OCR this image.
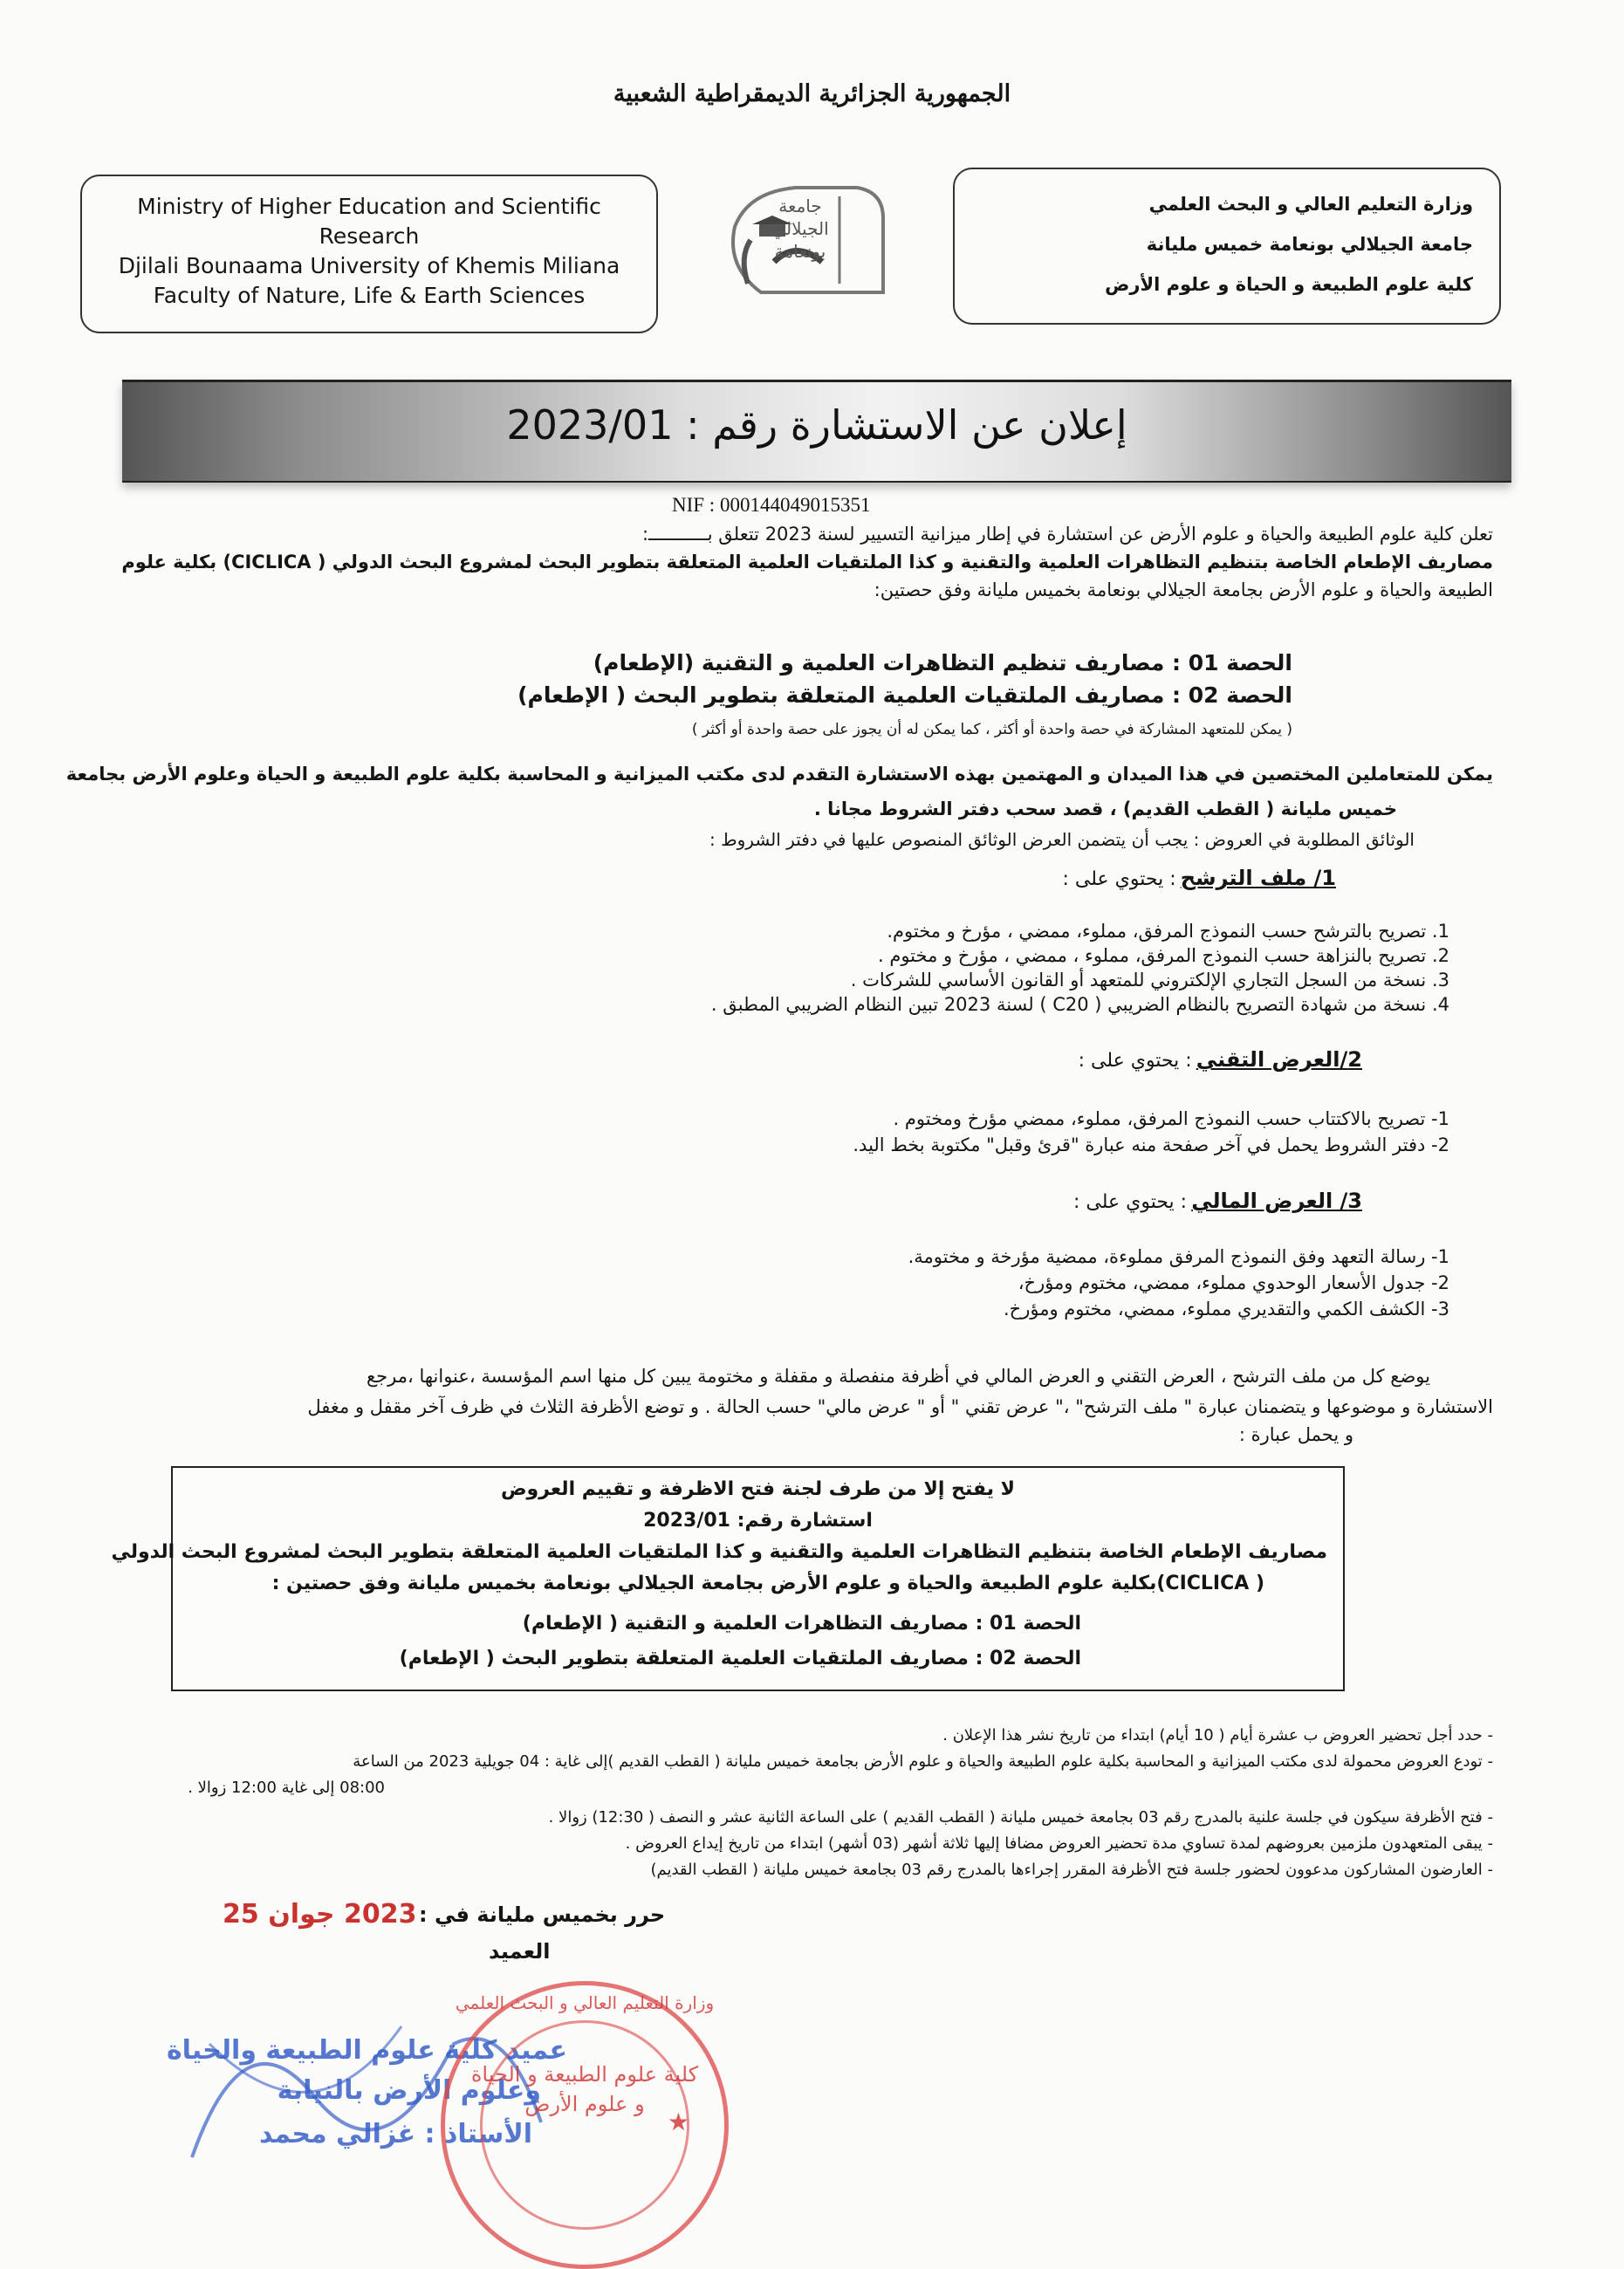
الجمهورية الجزائرية الديمقراطية الشعبية
Ministry of Higher Education and Scientific
Research
Djilali Bounaama University of Khemis Miliana
Faculty of Nature, Life & Earth Sciences
جامعة الجيلالي بونعامة
وزارة التعليم العالي و البحث العلمي
جامعة الجيلالي بونعامة خميس مليانة
كلية علوم الطبيعة و الحياة و علوم الأرض
إعلان عن الاستشارة رقم : 2023/01
NIF : 000144049015351
تعلن كلية علوم الطبيعة والحياة و علوم الأرض عن استشارة في إطار ميزانية التسيير لسنة 2023 تتعلق بـــــــــــ:
مصاريف الإطعام الخاصة بتنظيم التظاهرات العلمية والتقنية و كذا الملتقيات العلمية المتعلقة بتطوير البحث لمشروع البحث الدولي ( CICLICA) بكلية علوم
الطبيعة والحياة و علوم الأرض بجامعة الجيلالي بونعامة بخميس مليانة وفق حصتين:
الحصة 01 : مصاريف تنظيم التظاهرات العلمية و التقنية (الإطعام)
الحصة 02 : مصاريف الملتقيات العلمية المتعلقة بتطوير البحث ( الإطعام)
( يمكن للمتعهد المشاركة في حصة واحدة أو أكثر ، كما يمكن له أن يجوز على حصة واحدة أو أكثر )
يمكن للمتعاملين المختصين في هذا الميدان و المهتمين بهذه الاستشارة التقدم لدى مكتب الميزانية و المحاسبة بكلية علوم الطبيعة و الحياة وعلوم الأرض بجامعة
خميس مليانة ( القطب القديم) ، قصد سحب دفتر الشروط مجانا .
الوثائق المطلوبة في العروض : يجب أن يتضمن العرض الوثائق المنصوص عليها في دفتر الشروط :
1/ ملف الترشح : يحتوي على :
1. تصريح بالترشح حسب النموذج المرفق، مملوء، ممضي ، مؤرخ و مختوم.
2. تصريح بالنزاهة حسب النموذج المرفق، مملوء ، ممضي ، مؤرخ و مختوم .
3. نسخة من السجل التجاري الإلكتروني للمتعهد أو القانون الأساسي للشركات .
4. نسخة من شهادة التصريح بالنظام الضريبي ( C20 ) لسنة 2023 تبين النظام الضريبي المطبق .
2/العرض التقني : يحتوي على :
1- تصريح بالاكتتاب حسب النموذج المرفق، مملوء، ممضي مؤرخ ومختوم .
2- دفتر الشروط يحمل في آخر صفحة منه عبارة "قرئ وقبل" مكتوبة بخط اليد.
3/ العرض المالي : يحتوي على :
1- رسالة التعهد وفق النموذج المرفق مملوءة، ممضية مؤرخة و مختومة.
2- جدول الأسعار الوحدوي مملوء، ممضي، مختوم ومؤرخ،
3- الكشف الكمي والتقديري مملوء، ممضي، مختوم ومؤرخ.
يوضع كل من ملف الترشح ، العرض التقني و العرض المالي في أظرفة منفصلة و مقفلة و مختومة يبين كل منها اسم المؤسسة ،عنوانها ،مرجع
الاستشارة و موضوعها و يتضمنان عبارة " ملف الترشح" ،" عرض تقني " أو " عرض مالي" حسب الحالة . و توضع الأظرفة الثلاث في ظرف آخر مقفل و مغفل
و يحمل عبارة :
لا يفتح إلا من طرف لجنة فتح الاظرفة و تقييم العروض
استشارة رقم: 2023/01
مصاريف الإطعام الخاصة بتنظيم التظاهرات العلمية والتقنية و كذا الملتقيات العلمية المتعلقة بتطوير البحث لمشروع البحث الدولي
( CICLICA)بكلية علوم الطبيعة والحياة و علوم الأرض بجامعة الجيلالي بونعامة بخميس مليانة وفق حصتين :
الحصة 01 : مصاريف التظاهرات العلمية و التقنية ( الإطعام)
الحصة 02 : مصاريف الملتقيات العلمية المتعلقة بتطوير البحث ( الإطعام)
- حدد أجل تحضير العروض ب عشرة أيام ( 10 أيام) ابتداء من تاريخ نشر هذا الإعلان .
- تودع العروض محمولة لدى مكتب الميزانية و المحاسبة بكلية علوم الطبيعة والحياة و علوم الأرض بجامعة خميس مليانة ( القطب القديم )إلى غاية : 04 جويلية 2023 من الساعة
08:00 إلى غاية 12:00 زوالا .
- فتح الأظرفة سيكون في جلسة علنية بالمدرج رقم 03 بجامعة خميس مليانة ( القطب القديم ) على الساعة الثانية عشر و النصف ( 12:30) زوالا .
- يبقى المتعهدون ملزمين بعروضهم لمدة تساوي مدة تحضير العروض مضافا إليها ثلاثة أشهر (03 أشهر) ابتداء من تاريخ إيداع العروض .
- العارضون المشاركون مدعوون لحضور جلسة فتح الأظرفة المقرر إجراءها بالمدرج رقم 03 بجامعة خميس مليانة ( القطب القديم)
حرر بخميس مليانة في :
2023 جوان 25
العميد
عميد كلية علوم الطبيعة والحياة
وعلوم الأرض بالنيابة
الأستاذ : غزالي محمد
وزارة التعليم العالي و البحث العلمي
كلية علوم الطبيعة و الحياة
و علوم الأرض
★
